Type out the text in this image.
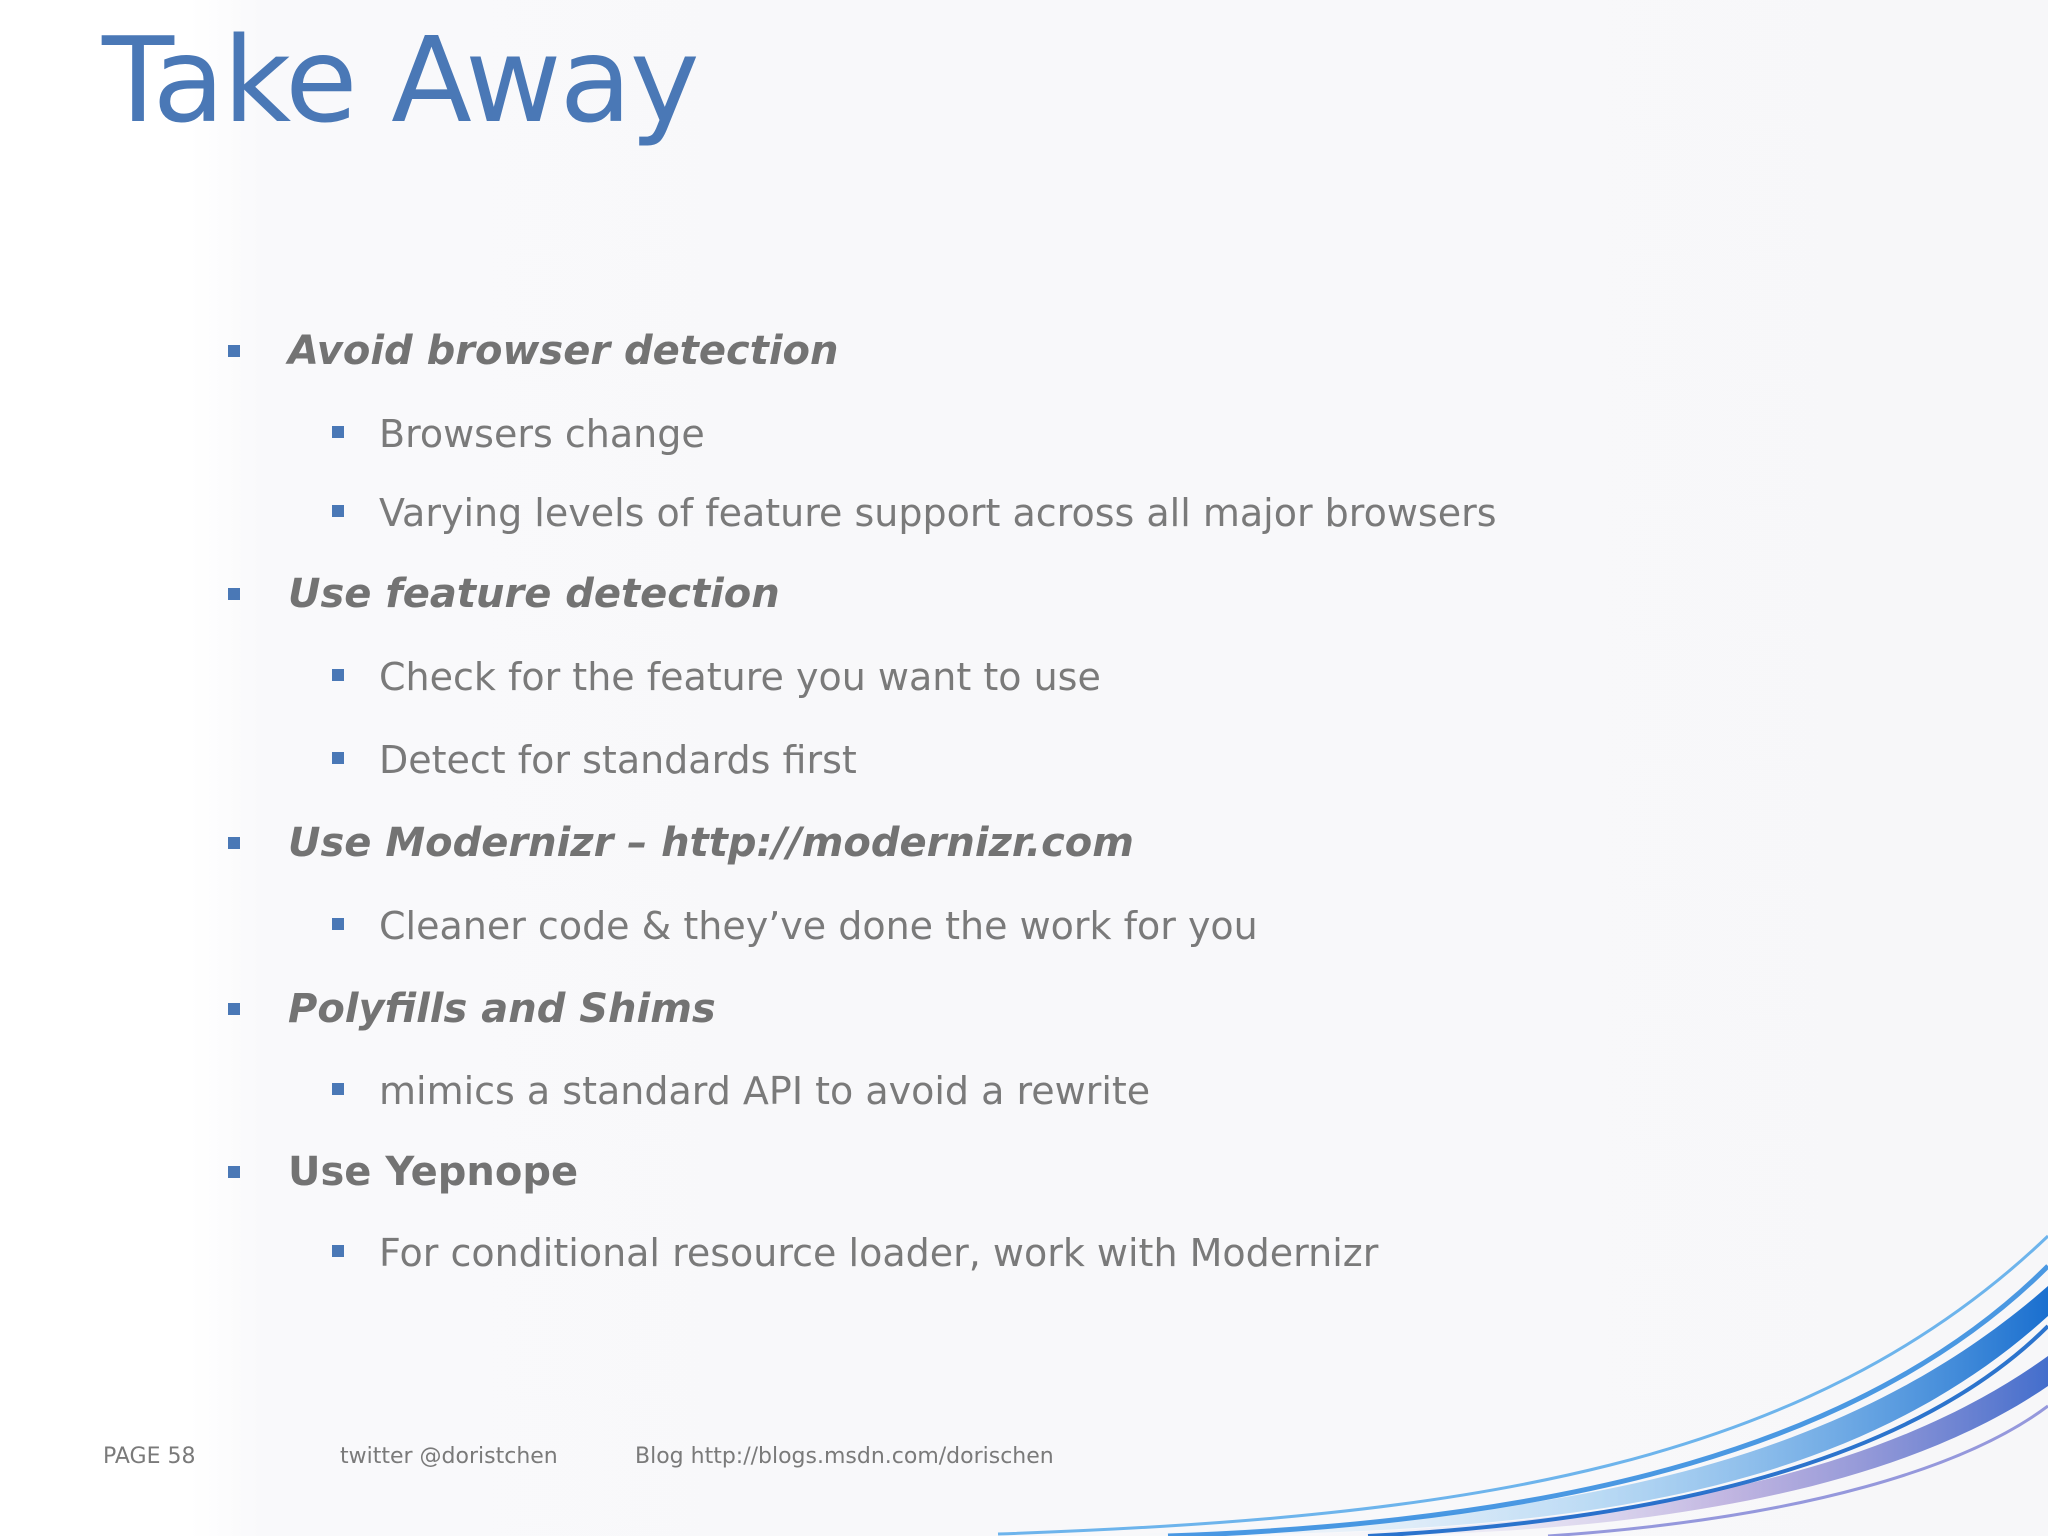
Take Away
Avoid browser detection
Browsers change
Varying levels of feature support across all major browsers
Use feature detection
Check for the feature you want to use
Detect for standards first
Use Modernizr – http://modernizr.com
Cleaner code & they’ve done the work for you
Polyfills and Shims
mimics a standard API to avoid a rewrite
Use Yepnope
For conditional resource loader, work with Modernizr
PAGE 58	twitter @doristchen	Blog http://blogs.msdn.com/dorischen
